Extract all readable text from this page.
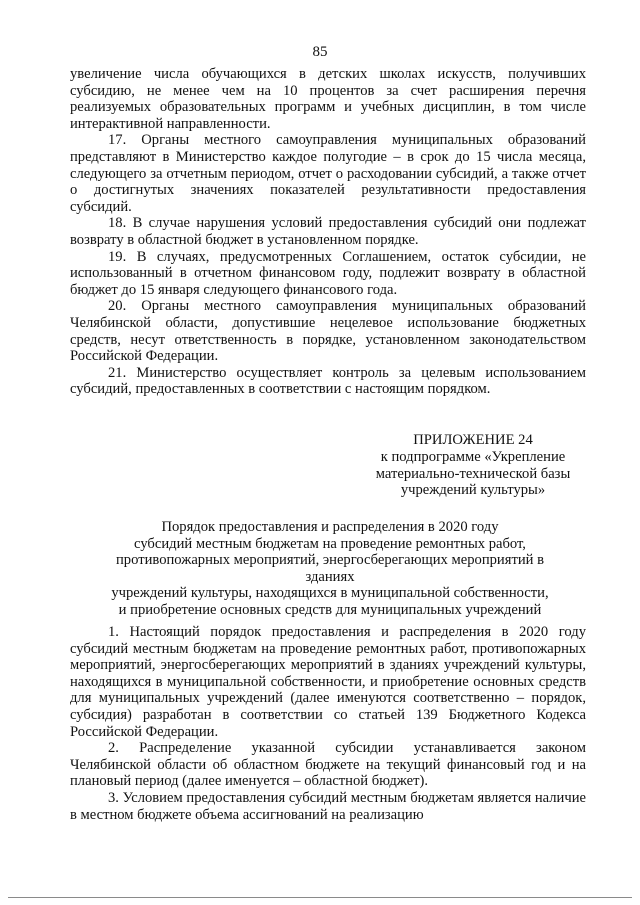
85

увеличение числа обучающихся в детских школах искусств, получивших субсидию, не менее чем на 10 процентов за счет расширения перечня реализуемых образовательных программ и учебных дисциплин, в том числе интерактивной направленности.

17. Органы местного самоуправления муниципальных образований представляют в Министерство каждое полугодие – в срок до 15 числа месяца, следующего за отчетным периодом, отчет о расходовании субсидий, а также отчет о достигнутых значениях показателей результативности предоставления субсидий.

18. В случае нарушения условий предоставления субсидий они подлежат возврату в областной бюджет в установленном порядке.

19. В случаях, предусмотренных Соглашением, остаток субсидии, не использованный в отчетном финансовом году, подлежит возврату в областной бюджет до 15 января следующего финансового года.

20. Органы местного самоуправления муниципальных образований Челябинской области, допустившие нецелевое использование бюджетных средств, несут ответственность в порядке, установленном законодательством Российской Федерации.

21. Министерство осуществляет контроль за целевым использованием субсидий, предоставленных в соответствии с настоящим порядком.

ПРИЛОЖЕНИЕ 24
к подпрограмме «Укрепление
материально-технической базы
учреждений культуры»
Порядок предоставления и распределения в 2020 году
субсидий местным бюджетам на проведение ремонтных работ,
противопожарных мероприятий, энергосберегающих мероприятий в зданиях
учреждений культуры, находящихся в муниципальной собственности,
и приобретение основных средств для муниципальных учреждений

1. Настоящий порядок предоставления и распределения в 2020 году субсидий местным бюджетам на проведение ремонтных работ, противопожарных мероприятий, энергосберегающих мероприятий в зданиях учреждений культуры, находящихся в муниципальной собственности, и приобретение основных средств для муниципальных учреждений (далее именуются соответственно – порядок, субсидия) разработан в соответствии со статьей 139 Бюджетного Кодекса Российской Федерации.

2. Распределение указанной субсидии устанавливается законом Челябинской области об областном бюджете на текущий финансовый год и на плановый период (далее именуется – областной бюджет).

3. Условием предоставления субсидий местным бюджетам является наличие в местном бюджете объема ассигнований на реализацию
